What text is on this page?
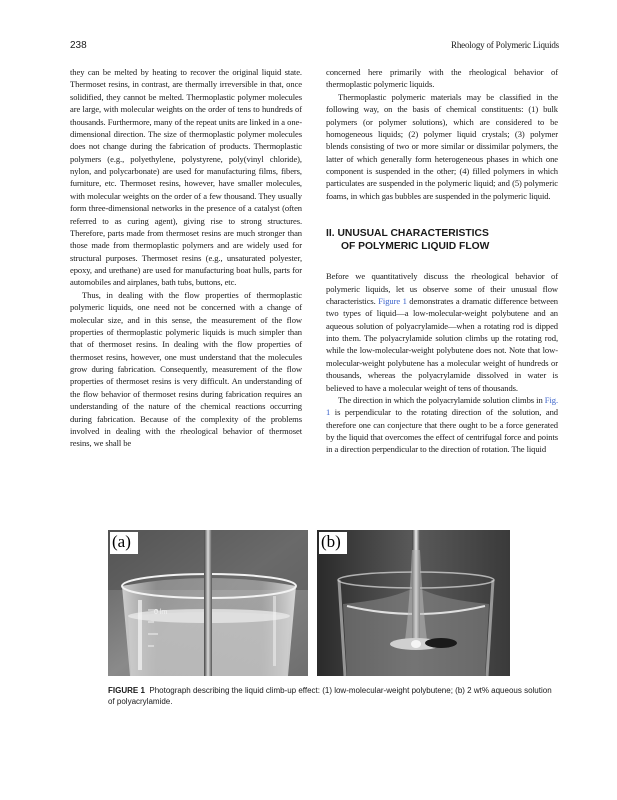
238	Rheology of Polymeric Liquids

they can be melted by heating to recover the original liquid state. Thermoset resins, in contrast, are thermally irreversible in that, once solidified, they cannot be melted. Thermoplastic polymer molecules are large, with molecular weights on the order of tens to hundreds of thousands. Furthermore, many of the repeat units are linked in a one-dimensional direction. The size of thermoplastic polymer molecules does not change during the fabrication of products. Thermoplastic polymers (e.g., polyethylene, polystyrene, poly(vinyl chloride), nylon, and polycarbonate) are used for manufacturing films, fibers, furniture, etc. Thermoset resins, however, have smaller molecules, with molecular weights on the order of a few thousand. They usually form three-dimensional networks in the presence of a catalyst (often referred to as curing agent), giving rise to strong structures. Therefore, parts made from thermoset resins are much stronger than those made from thermoplastic polymers and are widely used for structural purposes. Thermoset resins (e.g., unsaturated polyester, epoxy, and urethane) are used for manufacturing boat hulls, parts for automobiles and airplanes, bath tubs, buttons, etc.

Thus, in dealing with the flow properties of thermoplastic polymeric liquids, one need not be concerned with a change of molecular size, and in this sense, the measurement of the flow properties of thermoplastic polymeric liquids is much simpler than that of thermoset resins. In dealing with the flow properties of thermoset resins, however, one must understand that the molecules grow during fabrication. Consequently, measurement of the flow properties of thermoset resins is very difficult. An understanding of the flow behavior of thermoset resins during fabrication requires an understanding of the nature of the chemical reactions occurring during fabrication. Because of the complexity of the problems involved in dealing with the rheological behavior of thermoset resins, we shall be

concerned here primarily with the rheological behavior of thermoplastic polymeric liquids.

Thermoplastic polymeric materials may be classified in the following way, on the basis of chemical constituents: (1) bulk polymers (or polymer solutions), which are considered to be homogeneous liquids; (2) polymer liquid crystals; (3) polymer blends consisting of two or more similar or dissimilar polymers, the latter of which generally form heterogeneous phases in which one component is suspended in the other; (4) filled polymers in which particulates are suspended in the polymeric liquid; and (5) polymeric foams, in which gas bubbles are suspended in the polymeric liquid.

II. UNUSUAL CHARACTERISTICS
OF POLYMERIC LIQUID FLOW

Before we quantitatively discuss the rheological behavior of polymeric liquids, let us observe some of their unusual flow characteristics. Figure 1 demonstrates a dramatic difference between two types of liquid—a low-molecular-weight polybutene and an aqueous solution of polyacrylamide—when a rotating rod is dipped into them. The polyacrylamide solution climbs up the rotating rod, while the low-molecular-weight polybutene does not. Note that low-molecular-weight polybutene has a molecular weight of hundreds or thousands, whereas the polyacrylamide dissolved in water is believed to have a molecular weight of tens of thousands.

The direction in which the polyacrylamide solution climbs in Fig. 1 is perpendicular to the rotating direction of the solution, and therefore one can conjecture that there ought to be a force generated by the liquid that overcomes the effect of centrifugal force and points in a direction perpendicular to the direction of rotation. The liquid

0 lm
(a)	(b)
FIGURE 1 Photograph describing the liquid climb-up effect: (1) low-molecular-weight polybutene; (b) 2 wt% aqueous solution of polyacrylamide.
